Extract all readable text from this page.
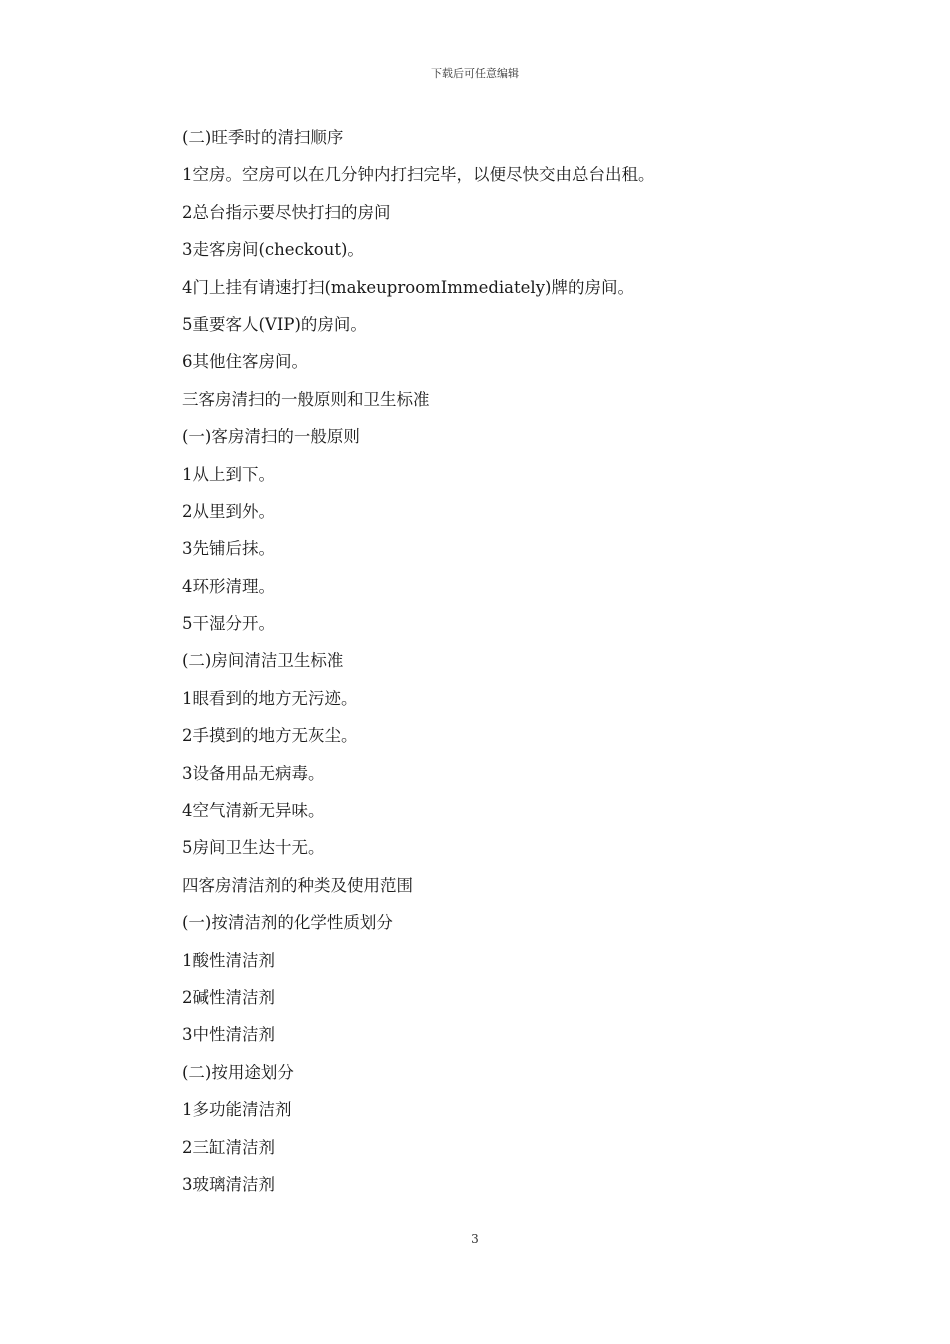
下载后可任意编辑
(二)旺季时的清扫顺序
1空房。空房可以在几分钟内打扫完毕，以便尽快交由总台出租。
2总台指示要尽快打扫的房间
3走客房间(checkout)。
4门上挂有请速打扫(makeuproomImmediately)牌的房间。
5重要客人(VIP)的房间。
6其他住客房间。
三客房清扫的一般原则和卫生标准
(一)客房清扫的一般原则
1从上到下。
2从里到外。
3先铺后抹。
4环形清理。
5干湿分开。
(二)房间清洁卫生标准
1眼看到的地方无污迹。
2手摸到的地方无灰尘。
3设备用品无病毒。
4空气清新无异味。
5房间卫生达十无。
四客房清洁剂的种类及使用范围
(一)按清洁剂的化学性质划分
1酸性清洁剂
2碱性清洁剂
3中性清洁剂
(二)按用途划分
1多功能清洁剂
2三缸清洁剂
3玻璃清洁剂
3
